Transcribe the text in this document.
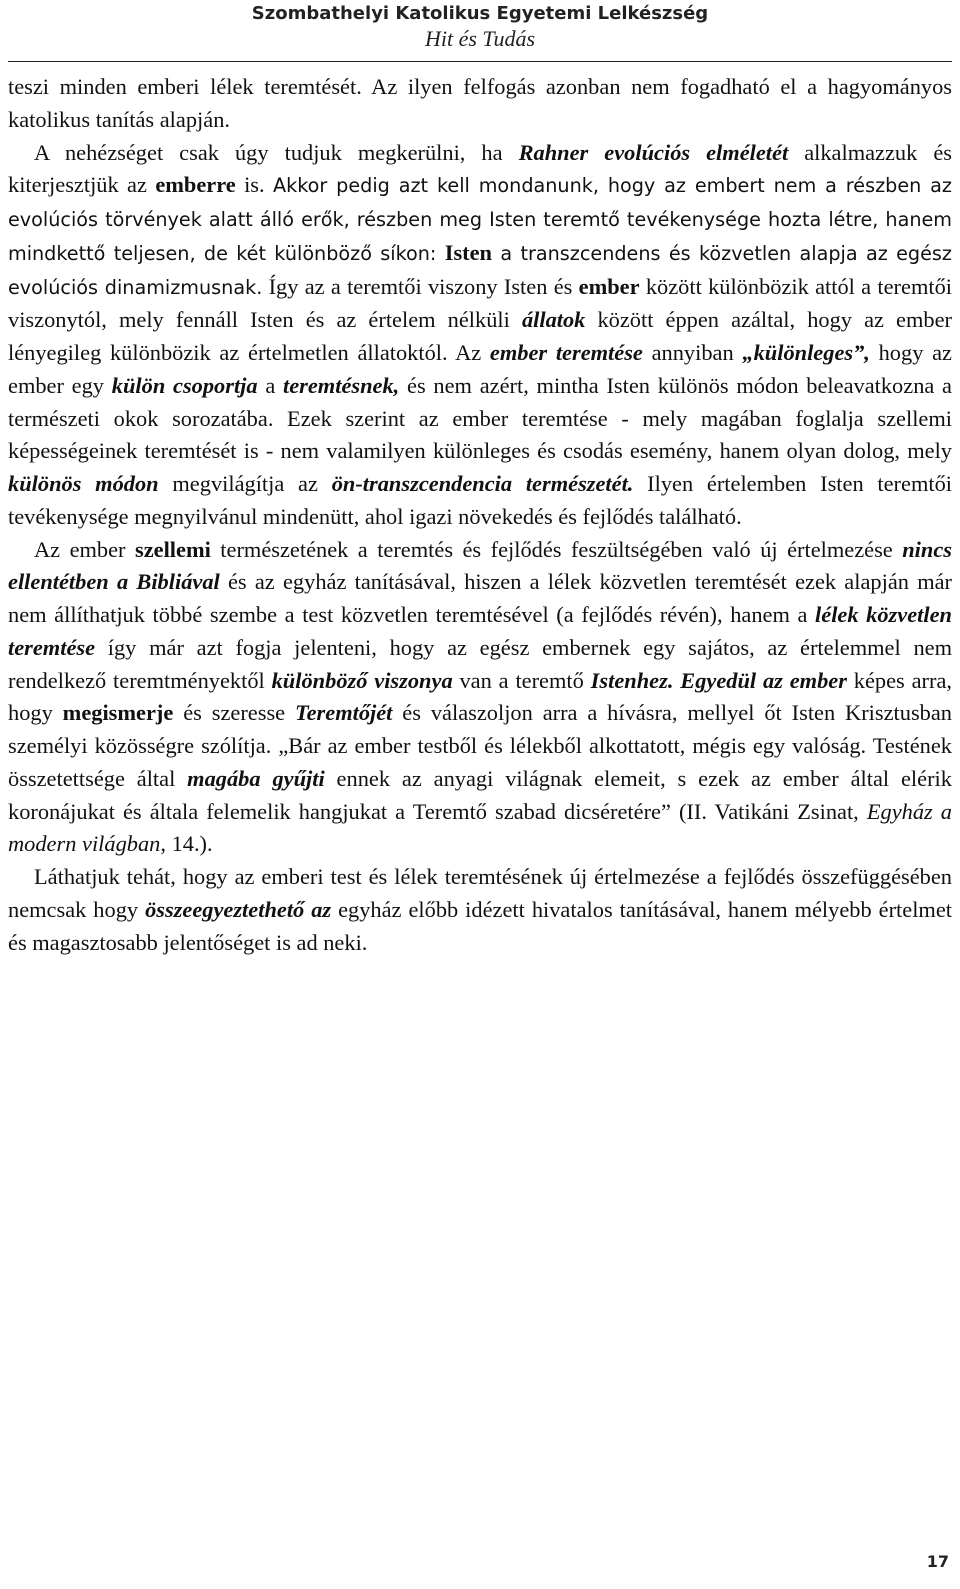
Szombathelyi Katolikus Egyetemi Lelkészség
Hit és Tudás

teszi minden emberi lélek teremtését. Az ilyen felfogás azonban nem fogadható el a hagyományos katolikus tanítás alapján.

A nehézséget csak úgy tudjuk megkerülni, ha Rahner evolúciós elméletét alkalmazzuk és kiterjesztjük az emberre is. Akkor pedig azt kell mondanunk, hogy az embert nem a részben az evolúciós törvények alatt álló erők, részben meg Isten teremtő tevékenysége hozta létre, hanem mindkettő teljesen, de két különböző síkon: Isten a transzcendens és közvetlen alapja az egész evolúciós dinamizmusnak. Így az a teremtői viszony Isten és ember között különbözik attól a teremtői viszonytól, mely fennáll Isten és az értelem nélküli állatok között éppen azáltal, hogy az ember lényegileg különbözik az értelmetlen állatoktól. Az ember teremtése annyiban „különleges”, hogy az ember egy külön csoportja a teremtésnek, és nem azért, mintha Isten különös módon beleavatkozna a természeti okok sorozatába. Ezek szerint az ember teremtése - mely magában foglalja szellemi képességeinek teremtését is - nem valamilyen különleges és csodás esemény, hanem olyan dolog, mely különös módon megvilágítja az ön-transzcendencia természetét. Ilyen értelemben Isten teremtői tevékenysége megnyilvánul mindenütt, ahol igazi növekedés és fejlődés található.

Az ember szellemi természetének a teremtés és fejlődés feszültségében való új értelmezése nincs ellentétben a Bibliával és az egyház tanításával, hiszen a lélek közvetlen teremtését ezek alapján már nem állíthatjuk többé szembe a test közvetlen teremtésével (a fejlődés révén), hanem a lélek közvetlen teremtése így már azt fogja jelenteni, hogy az egész embernek egy sajátos, az értelemmel nem rendelkező teremtményektől különböző viszonya van a teremtő Istenhez. Egyedül az ember képes arra, hogy megismerje és szeresse Teremtőjét és válaszoljon arra a hívásra, mellyel őt Isten Krisztusban személyi közösségre szólítja. „Bár az ember testből és lélekből alkottatott, mégis egy valóság. Testének összetettsége által magába gyűjti ennek az anyagi világnak elemeit, s ezek az ember által elérik koronájukat és általa felemelik hangjukat a Teremtő szabad dicséretére” (II. Vatikáni Zsinat, Egyház a modern világban, 14.).

Láthatjuk tehát, hogy az emberi test és lélek teremtésének új értelmezése a fejlődés összefüggésében nemcsak hogy összeegyeztethető az egyház előbb idézett hivatalos tanításával, hanem mélyebb értelmet és magasztosabb jelentőséget is ad neki.

17
